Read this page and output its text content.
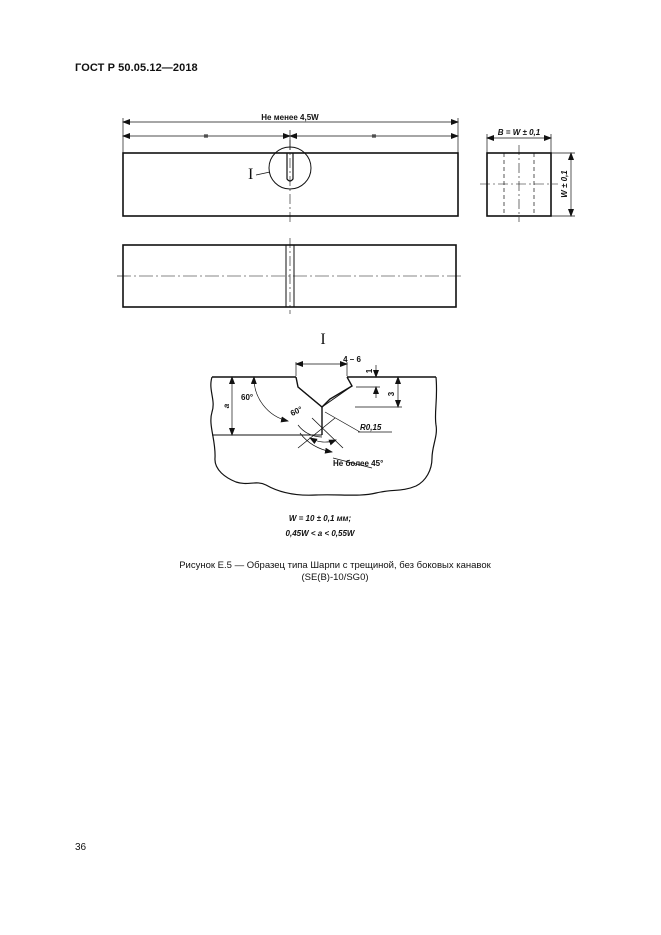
ГОСТ Р 50.05.12—2018
Не менее 4,5W
=	=
I
B = W ± 0,1
W ± 0,1
I
4 – 6
a
3
1
60°
60°
R0,15
Не более 45°
W = 10 ± 0,1 мм;
0,45W < a < 0,55W
Рисунок Е.5 — Образец типа Шарпи с трещиной, без боковых канавок
(SE(B)-10/SG0)
36
